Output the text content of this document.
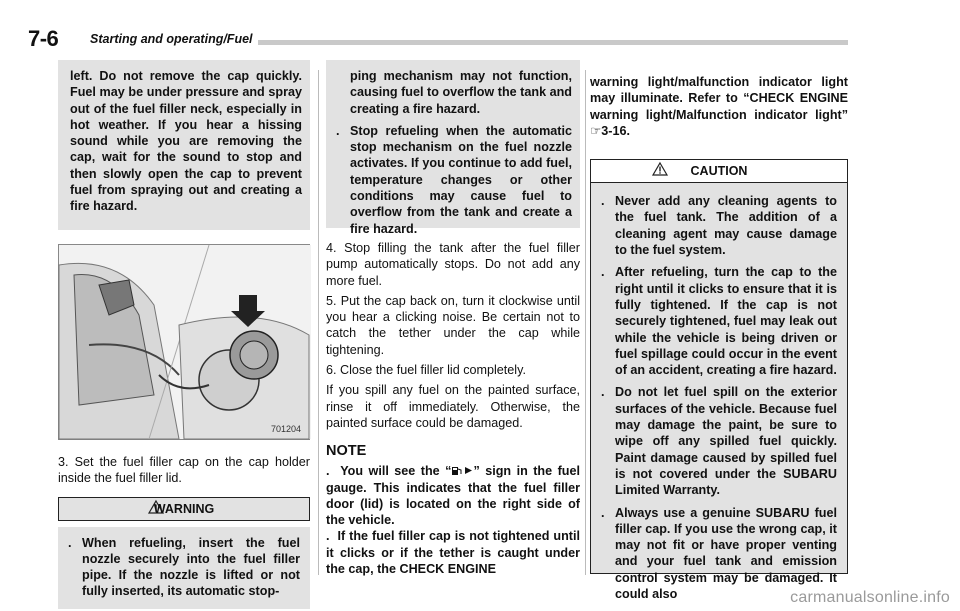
7-6	Starting and operating/Fuel

left. Do not remove the cap quickly. Fuel may be under pressure and spray out of the fuel filler neck, especially in hot weather. If you hear a hissing sound while you are removing the cap, wait for the sound to stop and then slowly open the cap to prevent fuel from spraying out and creating a fire hazard.

701204

3. Set the fuel filler cap on the cap holder inside the fuel filler lid.

WARNING
. When refueling, insert the fuel nozzle securely into the fuel filler pipe. If the nozzle is lifted or not fully inserted, its automatic stop-

ping mechanism may not function, causing fuel to overflow the tank and creating a fire hazard.

. Stop refueling when the automatic stop mechanism on the fuel nozzle activates. If you continue to add fuel, temperature changes or other conditions may cause fuel to overflow from the tank and create a fire hazard.

4. Stop filling the tank after the fuel filler pump automatically stops. Do not add any more fuel.

5. Put the cap back on, turn it clockwise until you hear a clicking noise. Be certain not to catch the tether under the cap while tightening.

6. Close the fuel filler lid completely.

If you spill any fuel on the painted surface, rinse it off immediately. Otherwise, the painted surface could be damaged.

NOTE

. You will see the “ ” sign in the fuel gauge. This indicates that the fuel filler door (lid) is located on the right side of the vehicle.

. If the fuel filler cap is not tightened until it clicks or if the tether is caught under the cap, the CHECK ENGINE

warning light/malfunction indicator light may illuminate. Refer to “CHECK ENGINE warning light/Malfunction indicator light” ☞3-16.

CAUTION
. Never add any cleaning agents to the fuel tank. The addition of a cleaning agent may cause damage to the fuel system.
. After refueling, turn the cap to the right until it clicks to ensure that it is fully tightened. If the cap is not securely tightened, fuel may leak out while the vehicle is being driven or fuel spillage could occur in the event of an accident, creating a fire hazard.
. Do not let fuel spill on the exterior surfaces of the vehicle. Because fuel may damage the paint, be sure to wipe off any spilled fuel quickly. Paint damage caused by spilled fuel is not covered under the SUBARU Limited Warranty.
. Always use a genuine SUBARU fuel filler cap. If you use the wrong cap, it may not fit or have proper venting and your fuel tank and emission control system may be damaged. It could also	carmanualsonline.info
